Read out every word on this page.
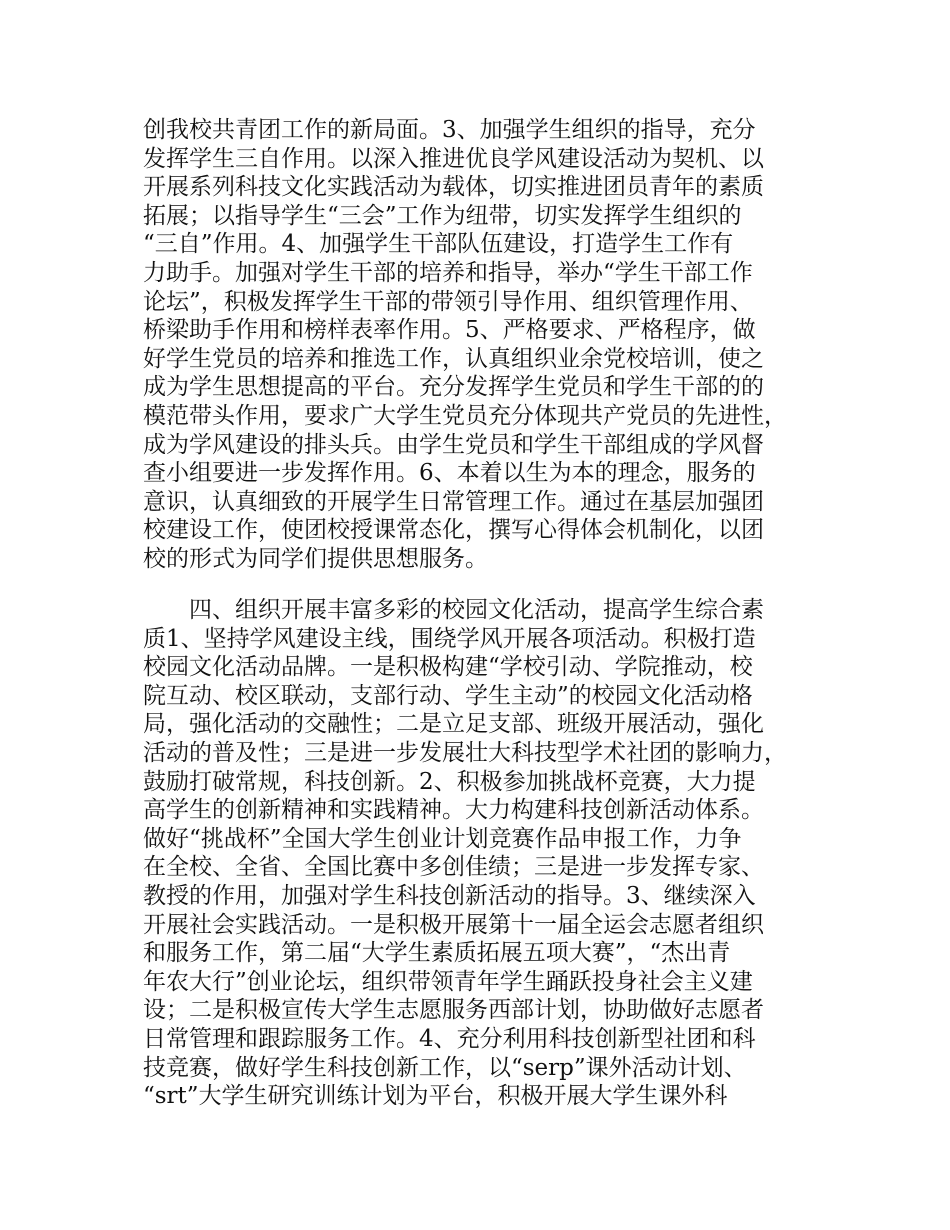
创我校共青团工作的新局面。3、加强学生组织的指导，充分
发挥学生三自作用。以深入推进优良学风建设活动为契机、以
开展系列科技文化实践活动为载体，切实推进团员青年的素质
拓展；以指导学生“三会”工作为纽带，切实发挥学生组织的
“三自”作用。4、加强学生干部队伍建设，打造学生工作有
力助手。加强对学生干部的培养和指导，举办“学生干部工作
论坛”，积极发挥学生干部的带领引导作用、组织管理作用、
桥梁助手作用和榜样表率作用。5、严格要求、严格程序，做
好学生党员的培养和推选工作，认真组织业余党校培训，使之
成为学生思想提高的平台。充分发挥学生党员和学生干部的的
模范带头作用，要求广大学生党员充分体现共产党员的先进性，
成为学风建设的排头兵。由学生党员和学生干部组成的学风督
查小组要进一步发挥作用。6、本着以生为本的理念，服务的
意识，认真细致的开展学生日常管理工作。通过在基层加强团
校建设工作，使团校授课常态化，撰写心得体会机制化，以团
校的形式为同学们提供思想服务。
　　四、组织开展丰富多彩的校园文化活动，提高学生综合素
质1、坚持学风建设主线，围绕学风开展各项活动。积极打造
校园文化活动品牌。一是积极构建“学校引动、学院推动，校
院互动、校区联动，支部行动、学生主动”的校园文化活动格
局，强化活动的交融性；二是立足支部、班级开展活动，强化
活动的普及性；三是进一步发展壮大科技型学术社团的影响力，
鼓励打破常规，科技创新。2、积极参加挑战杯竞赛，大力提
高学生的创新精神和实践精神。大力构建科技创新活动体系。
做好“挑战杯”全国大学生创业计划竞赛作品申报工作，力争
在全校、全省、全国比赛中多创佳绩；三是进一步发挥专家、
教授的作用，加强对学生科技创新活动的指导。3、继续深入
开展社会实践活动。一是积极开展第十一届全运会志愿者组织
和服务工作，第二届“大学生素质拓展五项大赛”，“杰出青
年农大行”创业论坛，组织带领青年学生踊跃投身社会主义建
设；二是积极宣传大学生志愿服务西部计划，协助做好志愿者
日常管理和跟踪服务工作。4、充分利用科技创新型社团和科
技竞赛，做好学生科技创新工作，以“serp”课外活动计划、
“srt”大学生研究训练计划为平台，积极开展大学生课外科
